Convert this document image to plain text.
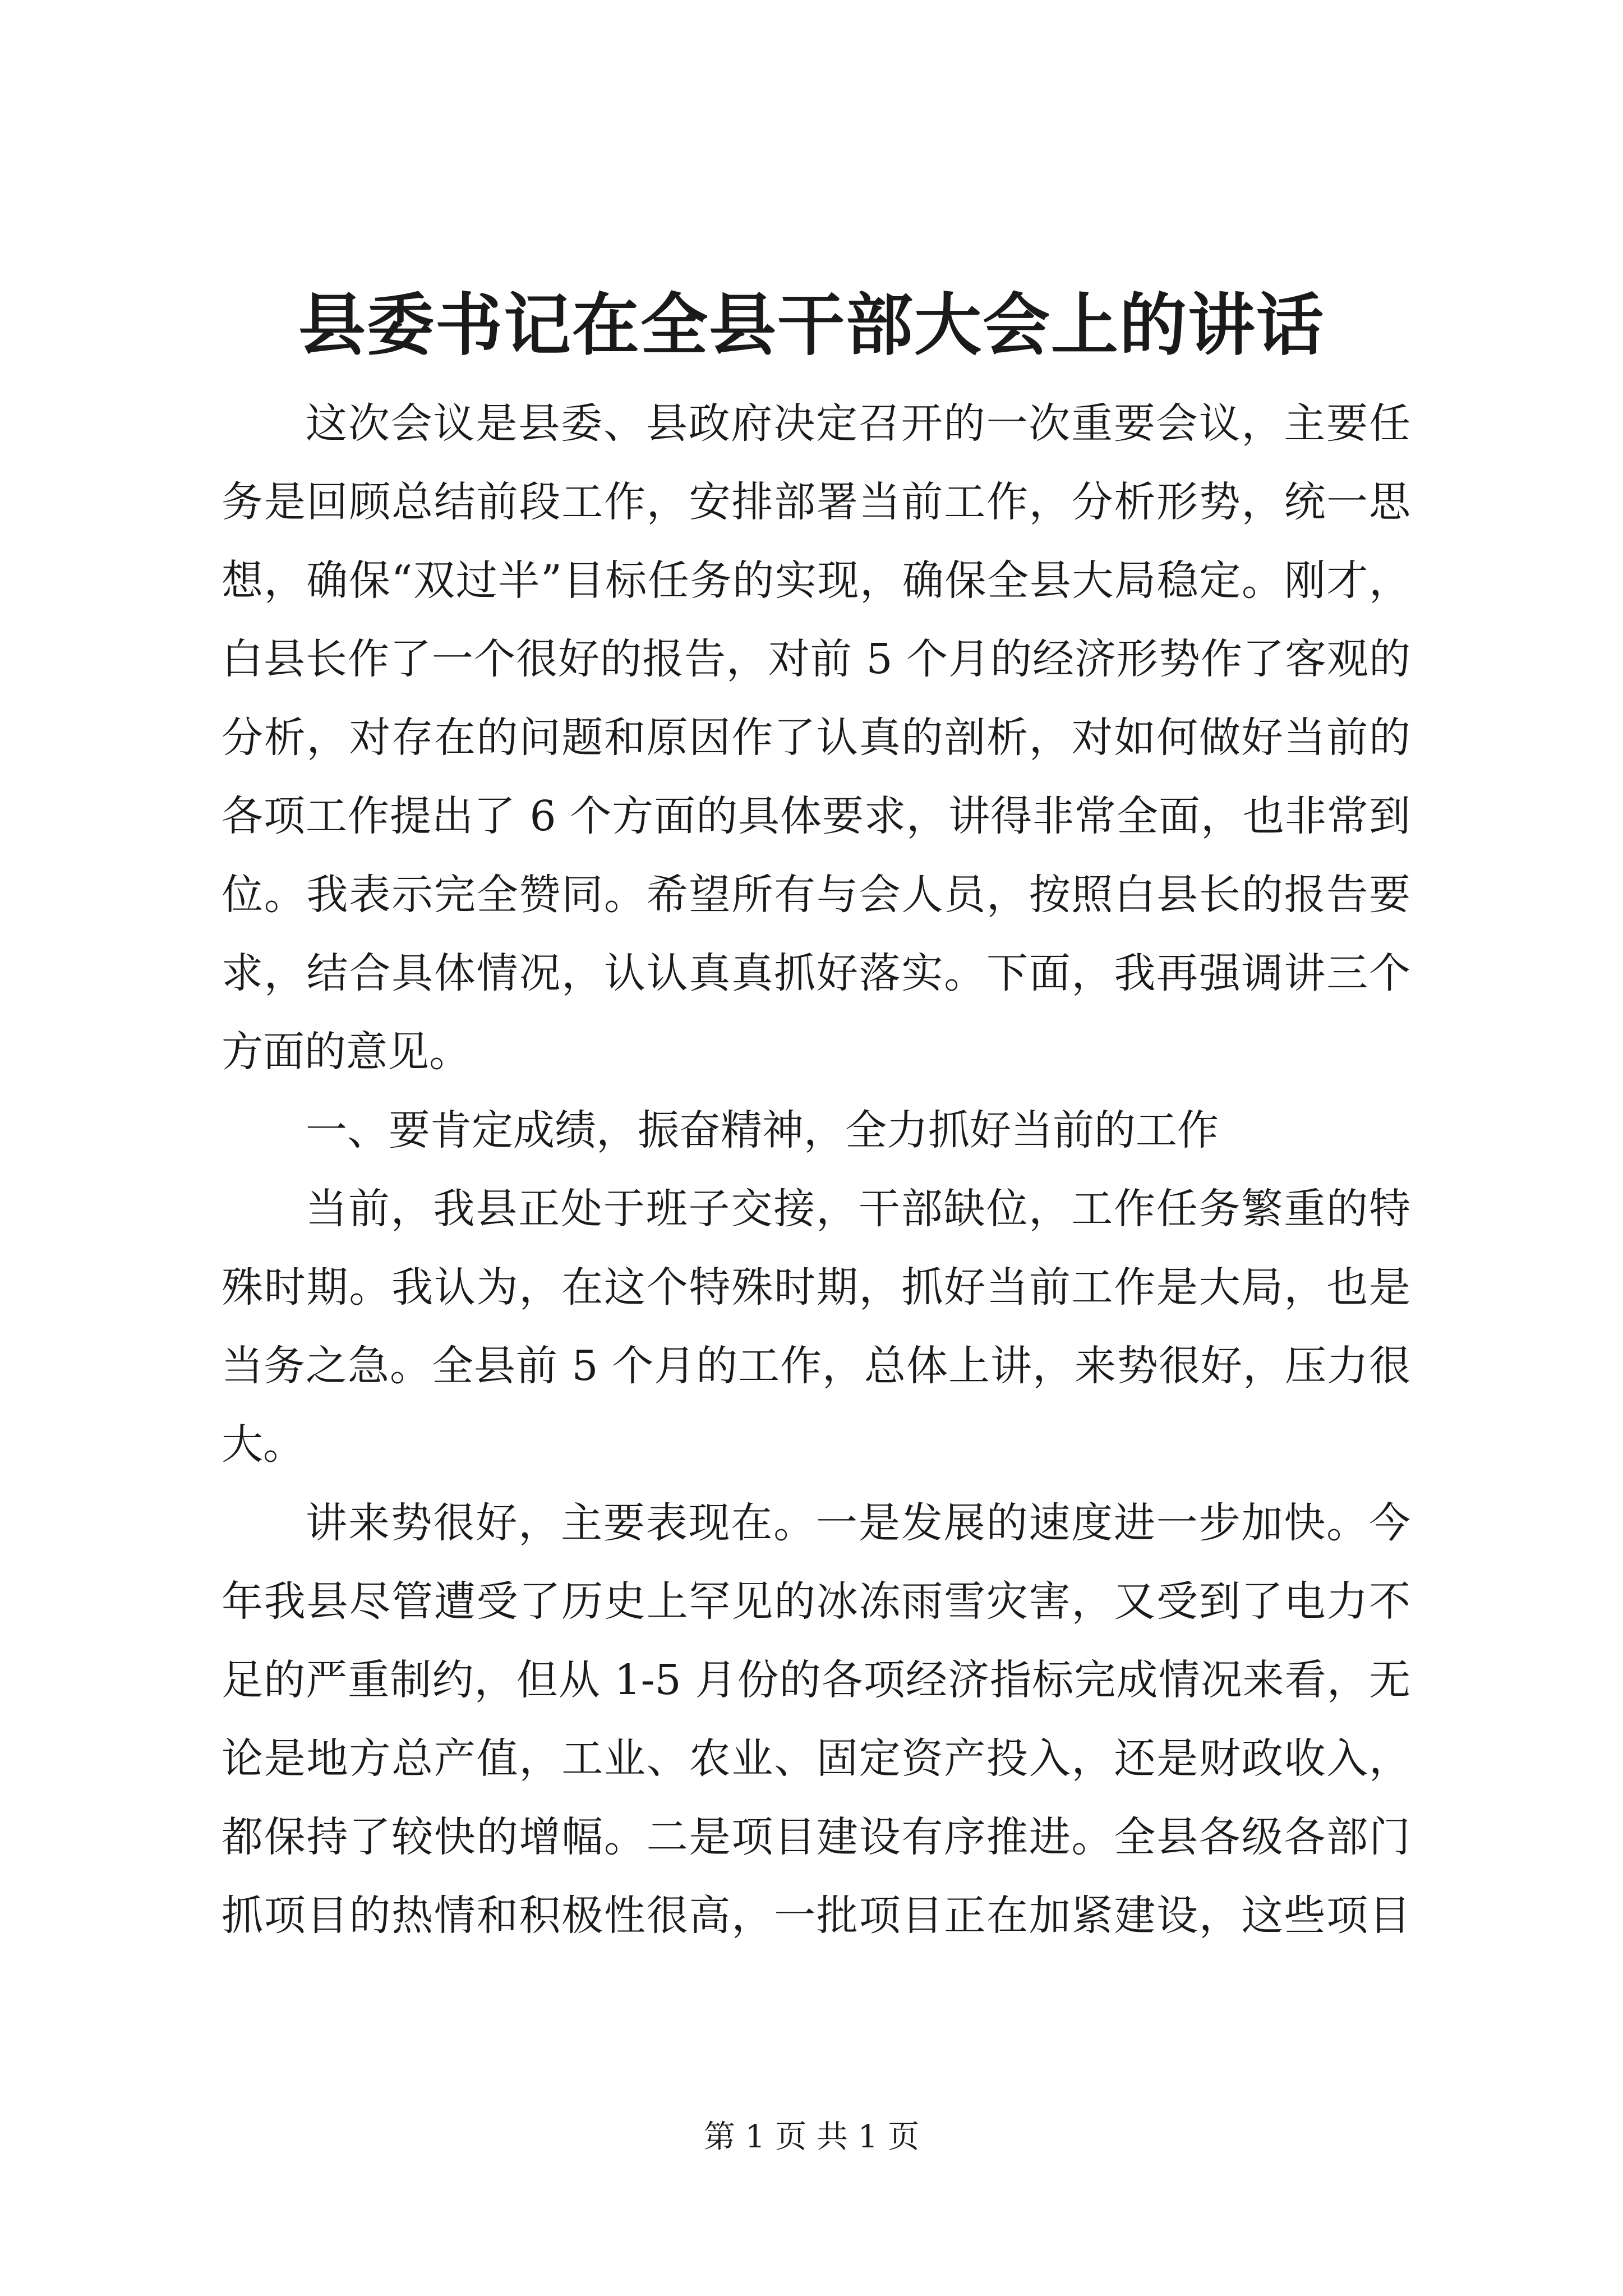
县委书记在全县干部大会上的讲话
这次会议是县委、县政府决定召开的一次重要会议，主要任
务是回顾总结前段工作，安排部署当前工作，分析形势，统一思
想，确保“双过半”目标任务的实现，确保全县大局稳定。刚才，
白县长作了一个很好的报告，对前 5 个月的经济形势作了客观的
分析，对存在的问题和原因作了认真的剖析，对如何做好当前的
各项工作提出了 6 个方面的具体要求，讲得非常全面，也非常到
位。我表示完全赞同。希望所有与会人员，按照白县长的报告要
求，结合具体情况，认认真真抓好落实。下面，我再强调讲三个
方面的意见。
一、要肯定成绩，振奋精神，全力抓好当前的工作
当前，我县正处于班子交接，干部缺位，工作任务繁重的特
殊时期。我认为，在这个特殊时期，抓好当前工作是大局，也是
当务之急。全县前 5 个月的工作，总体上讲，来势很好，压力很
大。
讲来势很好，主要表现在。一是发展的速度进一步加快。今
年我县尽管遭受了历史上罕见的冰冻雨雪灾害，又受到了电力不
足的严重制约，但从 1-5 月份的各项经济指标完成情况来看，无
论是地方总产值，工业、农业、固定资产投入，还是财政收入，
都保持了较快的增幅。二是项目建设有序推进。全县各级各部门
抓项目的热情和积极性很高，一批项目正在加紧建设，这些项目
第 1 页 共 1 页
